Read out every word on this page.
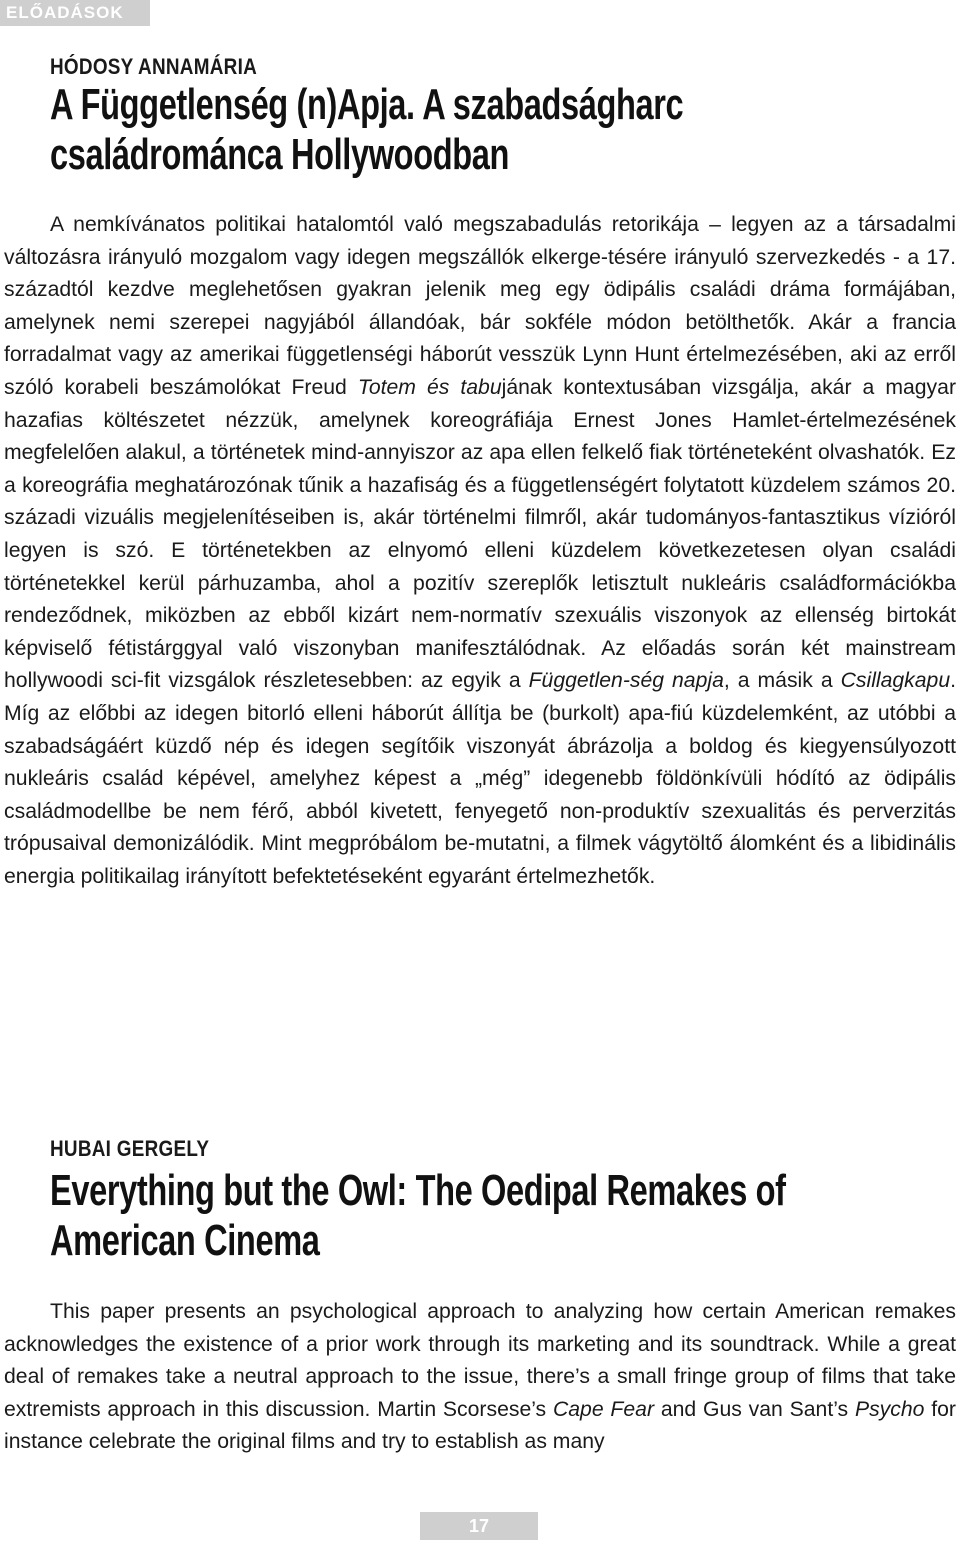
ELŐADÁSOK
HÓDOSY ANNAMÁRIA
A Függetlenség (n)Apja. A szabadságharc
családrománca Hollywoodban

A nemkívánatos politikai hatalomtól való megszabadulás retorikája – legyen az a társadalmi változásra irányuló mozgalom vagy idegen megszállók elkerge-tésére irányuló szervezkedés - a 17. századtól kezdve meglehetősen gyakran jelenik meg egy ödipális családi dráma formájában, amelynek nemi szerepei nagyjából állandóak, bár sokféle módon betölthetők. Akár a francia forradalmat vagy az amerikai függetlenségi háborút vesszük Lynn Hunt értelmezésében, aki az erről szóló korabeli beszámolókat Freud Totem és tabujának kontextusában vizsgálja, akár a magyar hazafias költészetet nézzük, amelynek koreográfiája Ernest Jones Hamlet-értelmezésének megfelelően alakul, a történetek mind-annyiszor az apa ellen felkelő fiak történeteként olvashatók. Ez a koreográfia meghatározónak tűnik a hazafiság és a függetlenségért folytatott küzdelem számos 20. századi vizuális megjelenítéseiben is, akár történelmi filmről, akár tudományos-fantasztikus vízióról legyen is szó. E történetekben az elnyomó elleni küzdelem következetesen olyan családi történetekkel kerül párhuzamba, ahol a pozitív szereplők letisztult nukleáris családformációkba rendeződnek, miközben az ebből kizárt nem-normatív szexuális viszonyok az ellenség birtokát képviselő fétistárggyal való viszonyban manifesztálódnak. Az előadás során két mainstream hollywoodi sci-fit vizsgálok részletesebben: az egyik a Független-ség napja, a másik a Csillagkapu. Míg az előbbi az idegen bitorló elleni háborút állítja be (burkolt) apa-fiú küzdelemként, az utóbbi a szabadságáért küzdő nép és idegen segítőik viszonyát ábrázolja a boldog és kiegyensúlyozott nukleáris család képével, amelyhez képest a „még” idegenebb földönkívüli hódító az ödipális családmodellbe be nem férő, abból kivetett, fenyegető non-produktív szexualitás és perverzitás trópusaival demonizálódik. Mint megpróbálom be-mutatni, a filmek vágytöltő álomként és a libidinális energia politikailag irányított befektetéseként egyaránt értelmezhetők.

HUBAI GERGELY
Everything but the Owl: The Oedipal Remakes of
American Cinema

This paper presents an psychological approach to analyzing how certain American remakes acknowledges the existence of a prior work through its marketing and its soundtrack. While a great deal of remakes take a neutral approach to the issue, there’s a small fringe group of films that take extremists approach in this discussion. Martin Scorsese’s Cape Fear and Gus van Sant’s Psycho for instance celebrate the original films and try to establish as many

17
